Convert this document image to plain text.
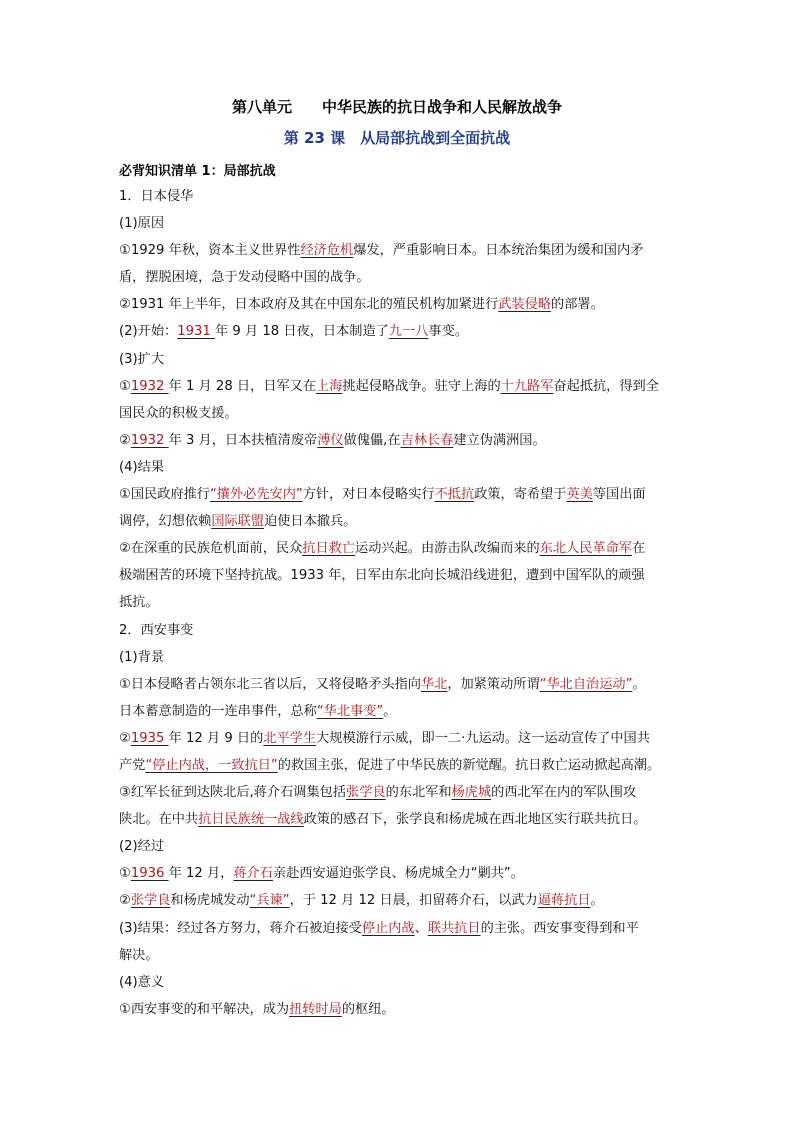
第八单元　　中华民族的抗日战争和人民解放战争
第 23 课　从局部抗战到全面抗战
必背知识清单 1：局部抗战
1．日本侵华
(1)原因
①1929 年秋，资本主义世界性经济危机爆发，严重影响日本。日本统治集团为缓和国内矛
盾，摆脱困境，急于发动侵略中国的战争。
②1931 年上半年，日本政府及其在中国东北的殖民机构加紧进行武装侵略的部署。
(2)开始：1931 年 9 月 18 日夜，日本制造了九一八事变。
(3)扩大
①1932 年 1 月 28 日，日军又在上海挑起侵略战争。驻守上海的十九路军奋起抵抗，得到全
国民众的积极支援。
②1932 年 3 月，日本扶植清废帝溥仪做傀儡,在吉林长春建立伪满洲国。
(4)结果
①国民政府推行“攘外必先安内”方针，对日本侵略实行不抵抗政策，寄希望于英美等国出面
调停，幻想依赖国际联盟迫使日本撤兵。
②在深重的民族危机面前，民众抗日救亡运动兴起。由游击队改编而来的东北人民革命军在
极端困苦的环境下坚持抗战。1933 年，日军由东北向长城沿线进犯，遭到中国军队的顽强
抵抗。
2．西安事变
(1)背景
①日本侵略者占领东北三省以后，又将侵略矛头指向华北，加紧策动所谓“华北自治运动”。
日本蓄意制造的一连串事件，总称“华北事变”。
②1935 年 12 月 9 日的北平学生大规模游行示威，即一二·九运动。这一运动宣传了中国共
产党“停止内战，一致抗日”的救国主张，促进了中华民族的新觉醒。抗日救亡运动掀起高潮。
③红军长征到达陕北后,蒋介石调集包括张学良的东北军和杨虎城的西北军在内的军队围攻
陕北。在中共抗日民族统一战线政策的感召下，张学良和杨虎城在西北地区实行联共抗日。
(2)经过
①1936 年 12 月，蒋介石亲赴西安逼迫张学良、杨虎城全力“剿共”。
②张学良和杨虎城发动“兵谏”，于 12 月 12 日晨，扣留蒋介石，以武力逼蒋抗日。
(3)结果：经过各方努力，蒋介石被迫接受停止内战、联共抗日的主张。西安事变得到和平
解决。
(4)意义
①西安事变的和平解决，成为扭转时局的枢纽。
